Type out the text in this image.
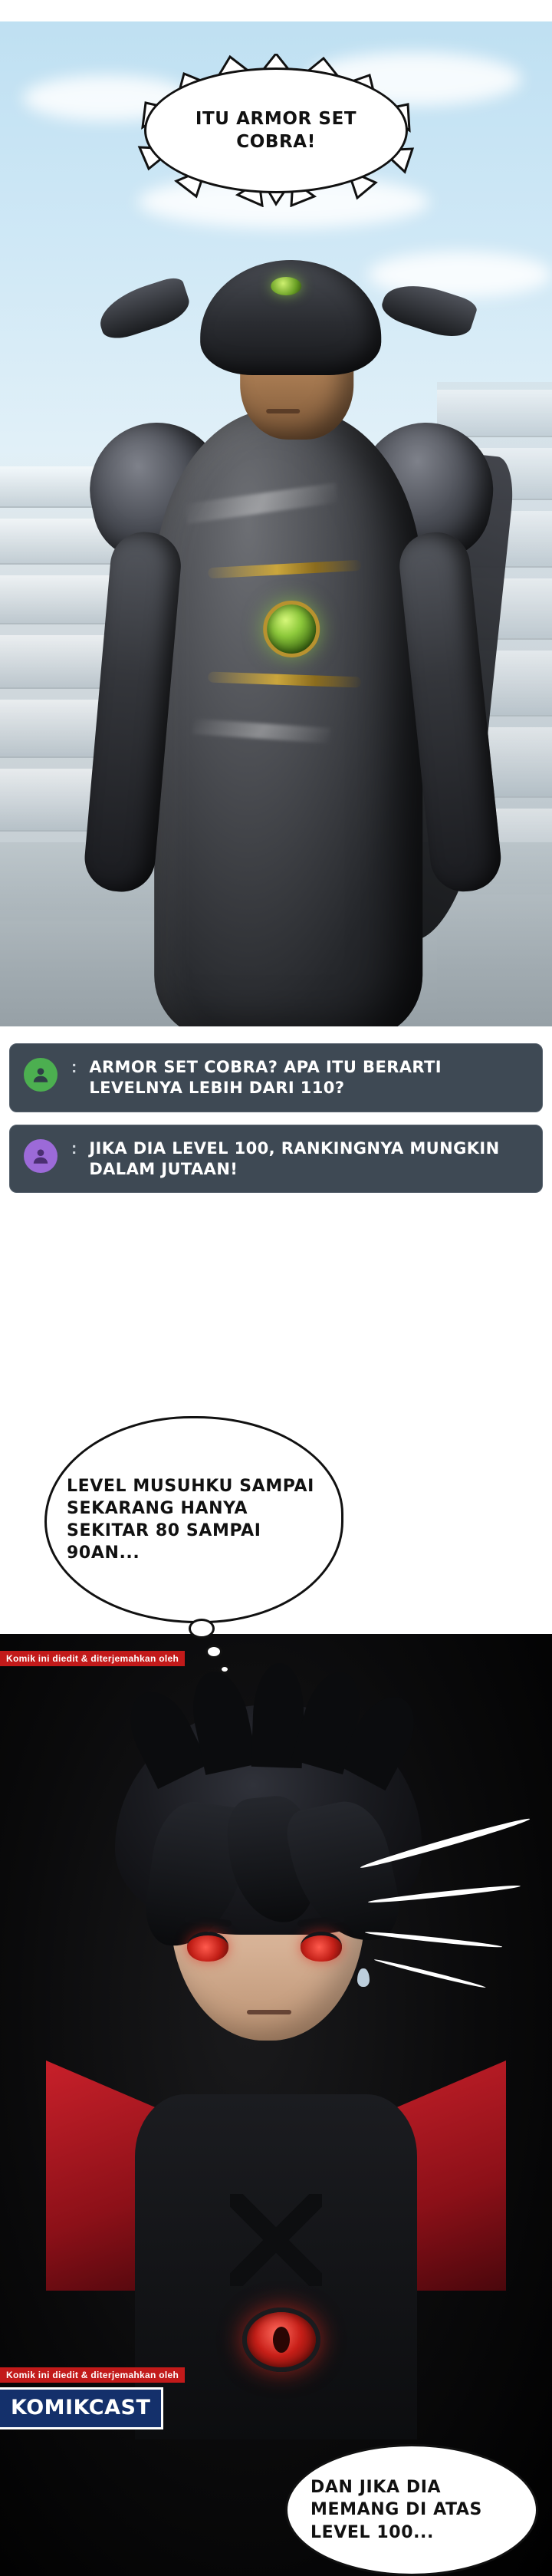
ITU ARMOR SET COBRA!
: ARMOR SET COBRA? APA ITU BERARTI LEVELNYA LEBIH DARI 110?
: JIKA DIA LEVEL 100, RANKINGNYA MUNGKIN DALAM JUTAAN!
LEVEL MUSUHKU SAMPAI SEKARANG HANYA SEKITAR 80 SAMPAI 90AN...
Komik ini diedit & diterjemahkan oleh
Komik ini diedit & diterjemahkan oleh
KOMIKCAST
DAN JIKA DIA MEMANG DI ATAS LEVEL 100...
